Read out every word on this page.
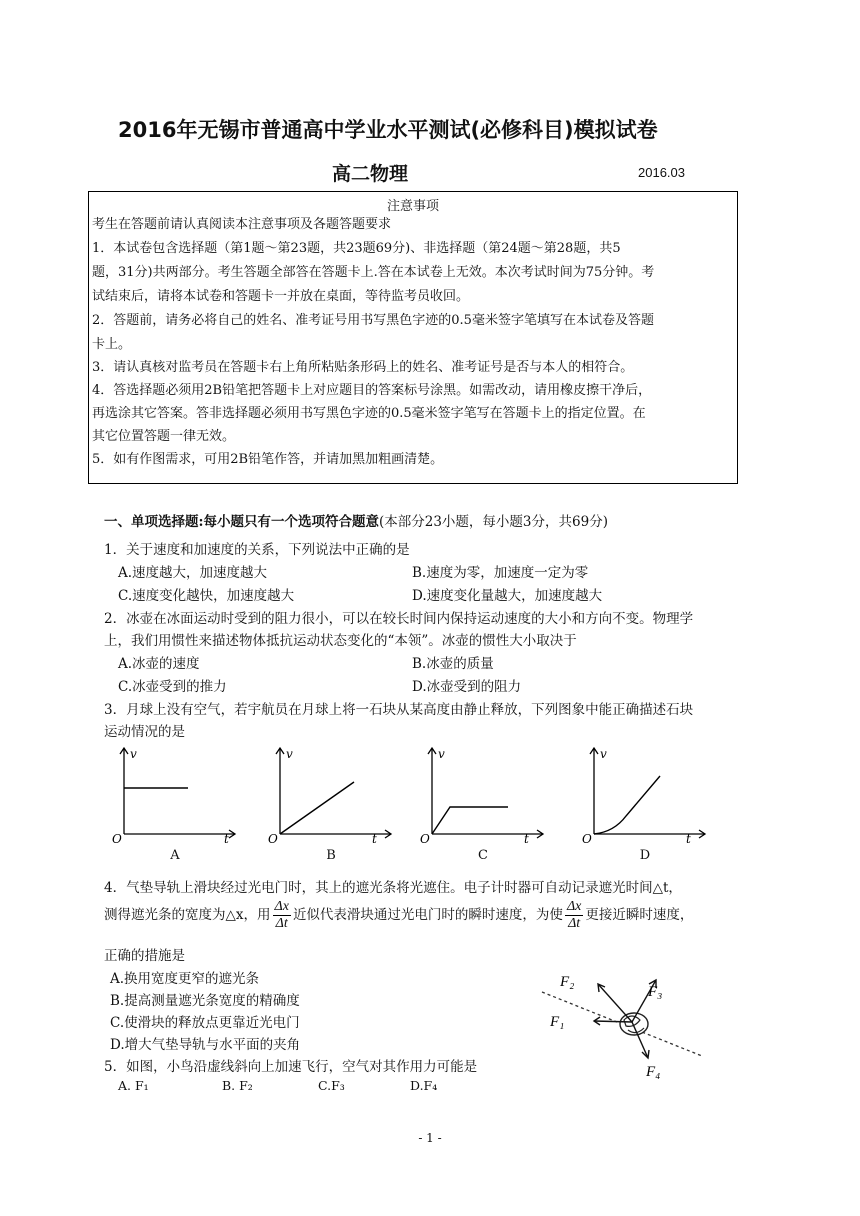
2016年无锡市普通高中学业水平测试(必修科目)模拟试卷
高二物理	2016.03
注意事项
考生在答题前请认真阅读本注意事项及各题答题要求
1．本试卷包含选择题（第1题～第23题，共23题69分)、非选择题（第24题～第28题，共5
题，31分)共两部分。考生答题全部答在答题卡上.答在本试卷上无效。本次考试时间为75分钟。考
试结束后，请将本试卷和答题卡一并放在桌面，等待监考员收回。
2．答题前，请务必将自己的姓名、准考证号用书写黑色字迹的0.5毫米签字笔填写在本试卷及答题
卡上。
3．请认真核对监考员在答题卡右上角所粘贴条形码上的姓名、准考证号是否与本人的相符合。
4．答选择题必须用2B铅笔把答题卡上对应题目的答案标号涂黑。如需改动，请用橡皮擦干净后，
再选涂其它答案。答非选择题必须用书写黑色字迹的0.5毫米签字笔写在答题卡上的指定位置。在
其它位置答题一律无效。
5．如有作图需求，可用2B铅笔作答，并请加黑加粗画清楚。
一、单项选择题:每小题只有一个选项符合题意(本部分23小题，每小题3分，共69分)
1．关于速度和加速度的关系，下列说法中正确的是
A.速度越大，加速度越大	B.速度为零，加速度一定为零
C.速度变化越快，加速度越大	D.速度变化量越大，加速度越大
2．冰壶在冰面运动时受到的阻力很小，可以在较长时间内保持运动速度的大小和方向不变。物理学
上，我们用惯性来描述物体抵抗运动状态变化的“本领”。冰壶的惯性大小取决于
A.冰壶的速度	B.冰壶的质量
C.冰壶受到的推力	D.冰壶受到的阻力
3．月球上没有空气，若宇航员在月球上将一石块从某高度由静止释放，下列图象中能正确描述石块
运动情况的是
v
O	t
A
v
O	t
B
v
O	t
C
v
O	t
D
4．气垫导轨上滑块经过光电门时，其上的遮光条将光遮住。电子计时器可自动记录遮光时间△t，
测得遮光条的宽度为△x，用 $\frac{\Delta x}{\Delta t}$ 近似代表滑块通过光电门时的瞬时速度，为使 $\frac{\Delta x}{\Delta t}$ 更接近瞬时速度，
正确的措施是
A.换用宽度更窄的遮光条
B.提高测量遮光条宽度的精确度
C.使滑块的释放点更靠近光电门
D.增大气垫导轨与水平面的夹角
F₂
F₃
F₁
F₄
5．如图，小鸟沿虚线斜向上加速飞行，空气对其作用力可能是
A. F₁	B. F₂	C.F₃	D.F₄
- 1 -
